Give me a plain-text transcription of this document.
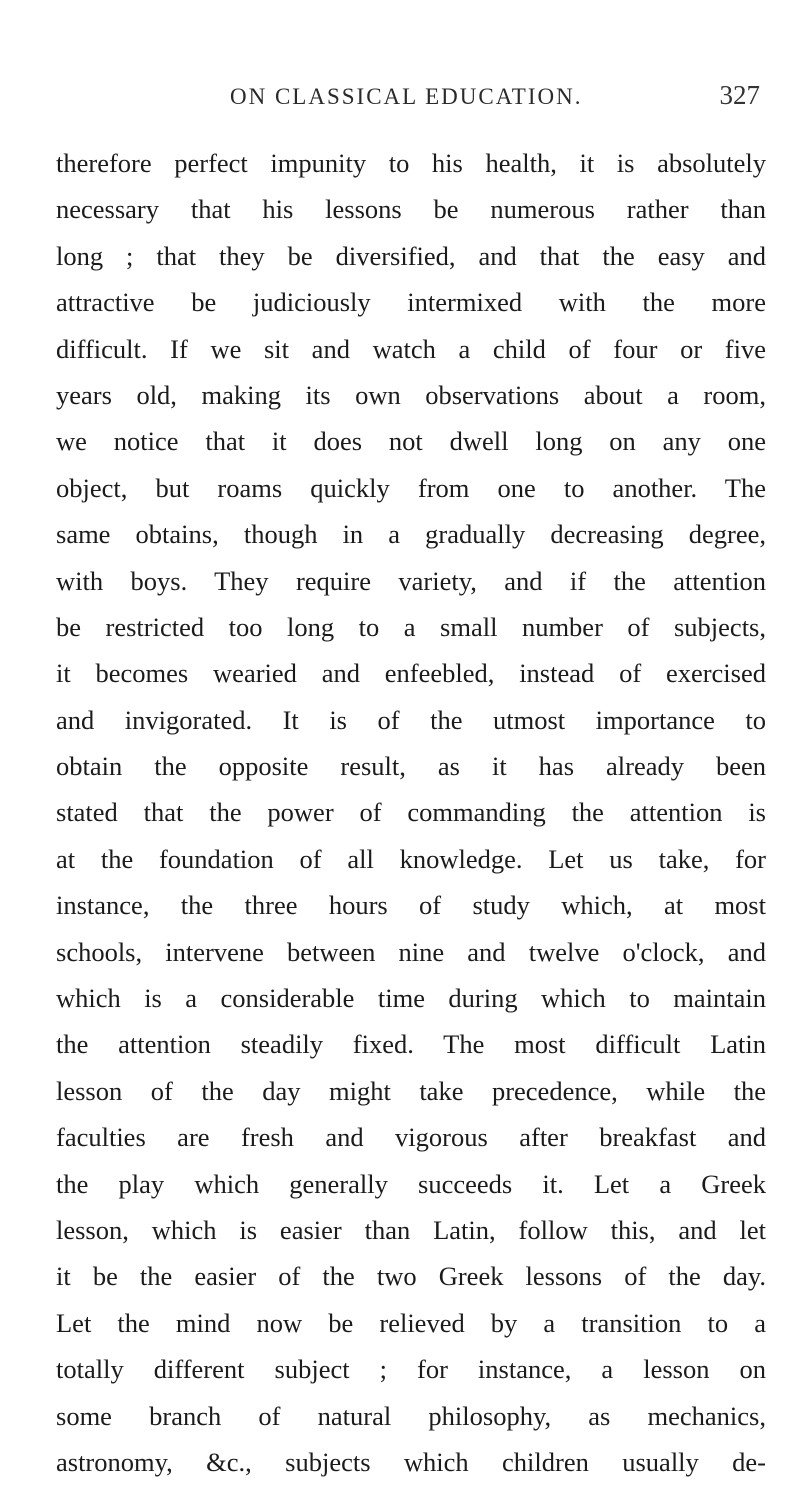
ON CLASSICAL EDUCATION.	327
therefore perfect impunity to his health, it is absolutely
necessary that his lessons be numerous rather than
long ; that they be diversified, and that the easy and
attractive be judiciously intermixed with the more
difficult. If we sit and watch a child of four or five
years old, making its own observations about a room,
we notice that it does not dwell long on any one
object, but roams quickly from one to another. The
same obtains, though in a gradually decreasing degree,
with boys. They require variety, and if the attention
be restricted too long to a small number of subjects,
it becomes wearied and enfeebled, instead of exercised
and invigorated. It is of the utmost importance to
obtain the opposite result, as it has already been
stated that the power of commanding the attention is
at the foundation of all knowledge. Let us take, for
instance, the three hours of study which, at most
schools, intervene between nine and twelve o'clock, and
which is a considerable time during which to maintain
the attention steadily fixed. The most difficult Latin
lesson of the day might take precedence, while the
faculties are fresh and vigorous after breakfast and
the play which generally succeeds it. Let a Greek
lesson, which is easier than Latin, follow this, and let
it be the easier of the two Greek lessons of the day.
Let the mind now be relieved by a transition to a
totally different subject ; for instance, a lesson on
some branch of natural philosophy, as mechanics,
astronomy, &c., subjects which children usually de-
